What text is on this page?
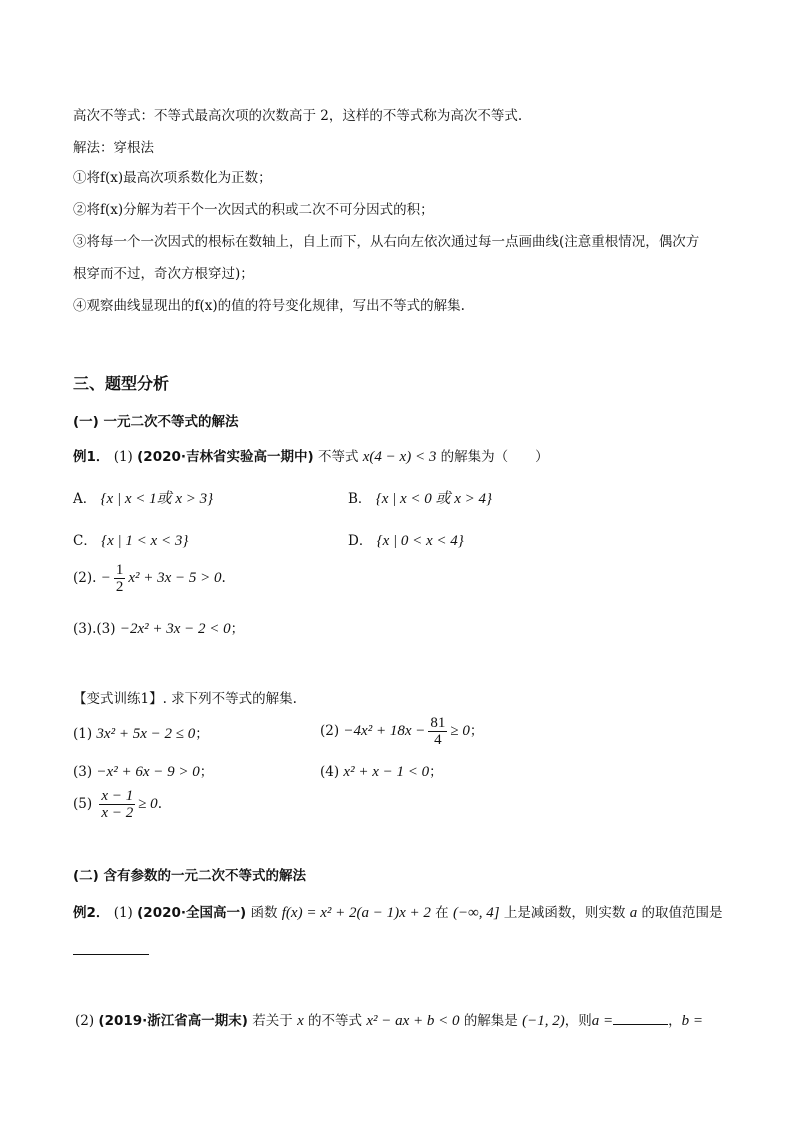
高次不等式：不等式最高次项的次数高于 2，这样的不等式称为高次不等式.
解法：穿根法
①将f(x)最高次项系数化为正数；
②将f(x)分解为若干个一次因式的积或二次不可分因式的积；
③将每一个一次因式的根标在数轴上，自上而下，从右向左依次通过每一点画曲线(注意重根情况，偶次方
根穿而不过，奇次方根穿过)；
④观察曲线显现出的f(x)的值的符号变化规律，写出不等式的解集.
三、题型分析
(一) 一元二次不等式的解法
例1． (1) (2020·吉林省实验高一期中) 不等式 x(4 − x) < 3 的解集为（　　）
A． {x | x < 1或 x > 3}	B． {x | x < 0 或 x > 4}
C． {x | 1 < x < 3}	D． {x | 0 < x < 4}
(2). − $\frac{1}{2} x^2 + 3x - 5 > 0$.
(3).(3) −2x² + 3x − 2 < 0；
【变式训练1】. 求下列不等式的解集.
(1) 3x² + 5x − 2 ≤ 0；	$(2) -4x^2 + 18x - \frac{81}{4} \ge 0$；
(3) −x² + 6x − 9 > 0；	(4) x² + x − 1 < 0；
$(5) \frac{x - 1}{x - 2} \ge 0$.
(二) 含有参数的一元二次不等式的解法
例2． (1) (2020·全国高一) 函数 f(x) = x² + 2(a − 1)x + 2 在 (−∞, 4] 上是减函数，则实数 a 的取值范围是
(2) (2019·浙江省高一期末) 若关于 x 的不等式 x² − ax + b < 0 的解集是 (−1, 2)，则a =	，b =
